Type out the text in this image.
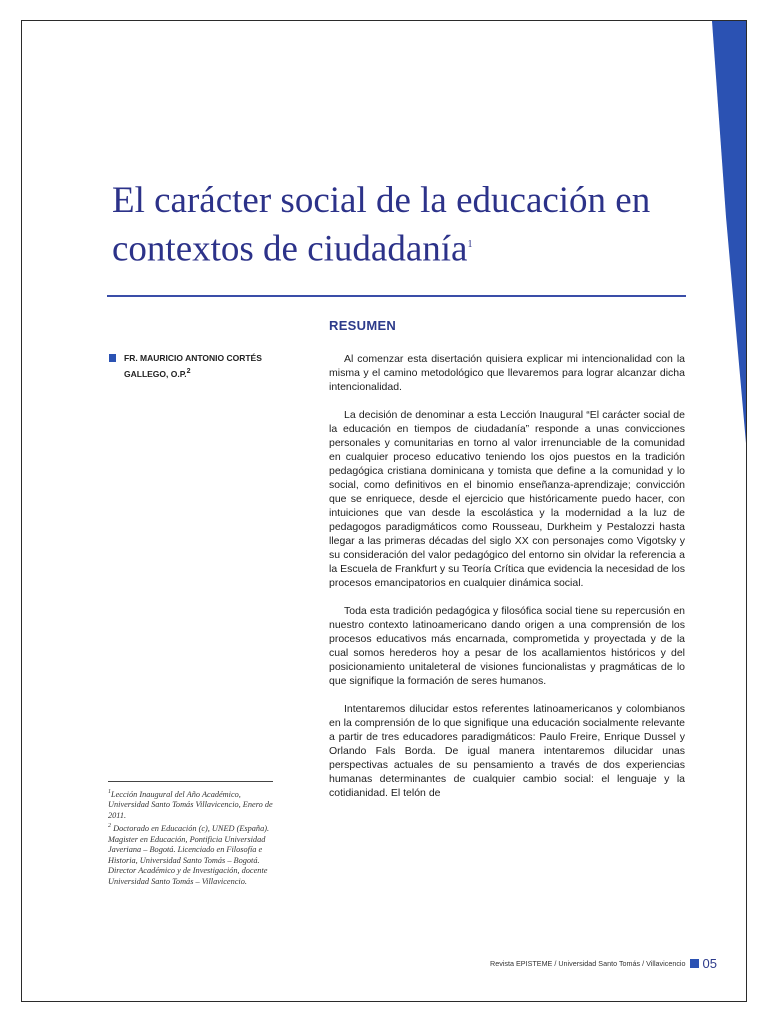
El carácter social de la educación en contextos de ciudadanía$^1$
RESUMEN
FR. MAURICIO ANTONIO CORTÉS GALLEGO, O.P.$^2$

Al comenzar esta disertación quisiera explicar mi intencionalidad con la misma y el camino metodológico que llevaremos para lograr alcanzar dicha intencionalidad.

La decisión de denominar a esta Lección Inaugural “El carácter social de la educación en tiempos de ciudadanía” responde a unas convicciones personales y comunitarias en torno al valor irrenunciable de la comunidad en cualquier proceso educativo teniendo los ojos puestos en la tradición pedagógica cristiana dominicana y tomista que define a la comunidad y lo social, como definitivos en el binomio enseñanza-aprendizaje; convicción que se enriquece, desde el ejercicio que históricamente puedo hacer, con intuiciones que van desde la escolástica y la modernidad a la luz de pedagogos paradigmáticos como Rousseau, Durkheim y Pestalozzi hasta llegar a las primeras décadas del siglo XX con personajes como Vigotsky y su consideración del valor pedagógico del entorno sin olvidar la referencia a la Escuela de Frankfurt y su Teoría Crítica que evidencia la necesidad de los procesos emancipatorios en cualquier dinámica social.

Toda esta tradición pedagógica y filosófica social tiene su repercusión en nuestro contexto latinoamericano dando origen a una comprensión de los procesos educativos más encarnada, comprometida y proyectada y de la cual somos herederos hoy a pesar de los acallamientos históricos y del posicionamiento unitaleteral de visiones funcionalistas y pragmáticas de lo que signifique la formación de seres humanos.

Intentaremos dilucidar estos referentes latinoamericanos y colombianos en la comprensión de lo que signifique una educación socialmente relevante a partir de tres educadores paradigmáticos: Paulo Freire, Enrique Dussel y Orlando Fals Borda. De igual manera intentaremos dilucidar unas perspectivas actuales de su pensamiento a través de dos experiencias humanas determinantes de cualquier cambio social: el lenguaje y la cotidianidad. El telón de

$^1$Lección Inaugural del Año Académico, Universidad Santo Tomás Villavicencio, Enero de 2011.

$^2$ Doctorado en Educación (c), UNED (España). Magister en Educación, Pontificia Universidad Javeriana – Bogotá. Licenciado en Filosofía e Historia, Universidad Santo Tomás – Bogotá. Director Académico y de Investigación, docente Universidad Santo Tomás – Villavicencio.

Revista EPISTEME / Universidad Santo Tomás / Villavicencio 05
